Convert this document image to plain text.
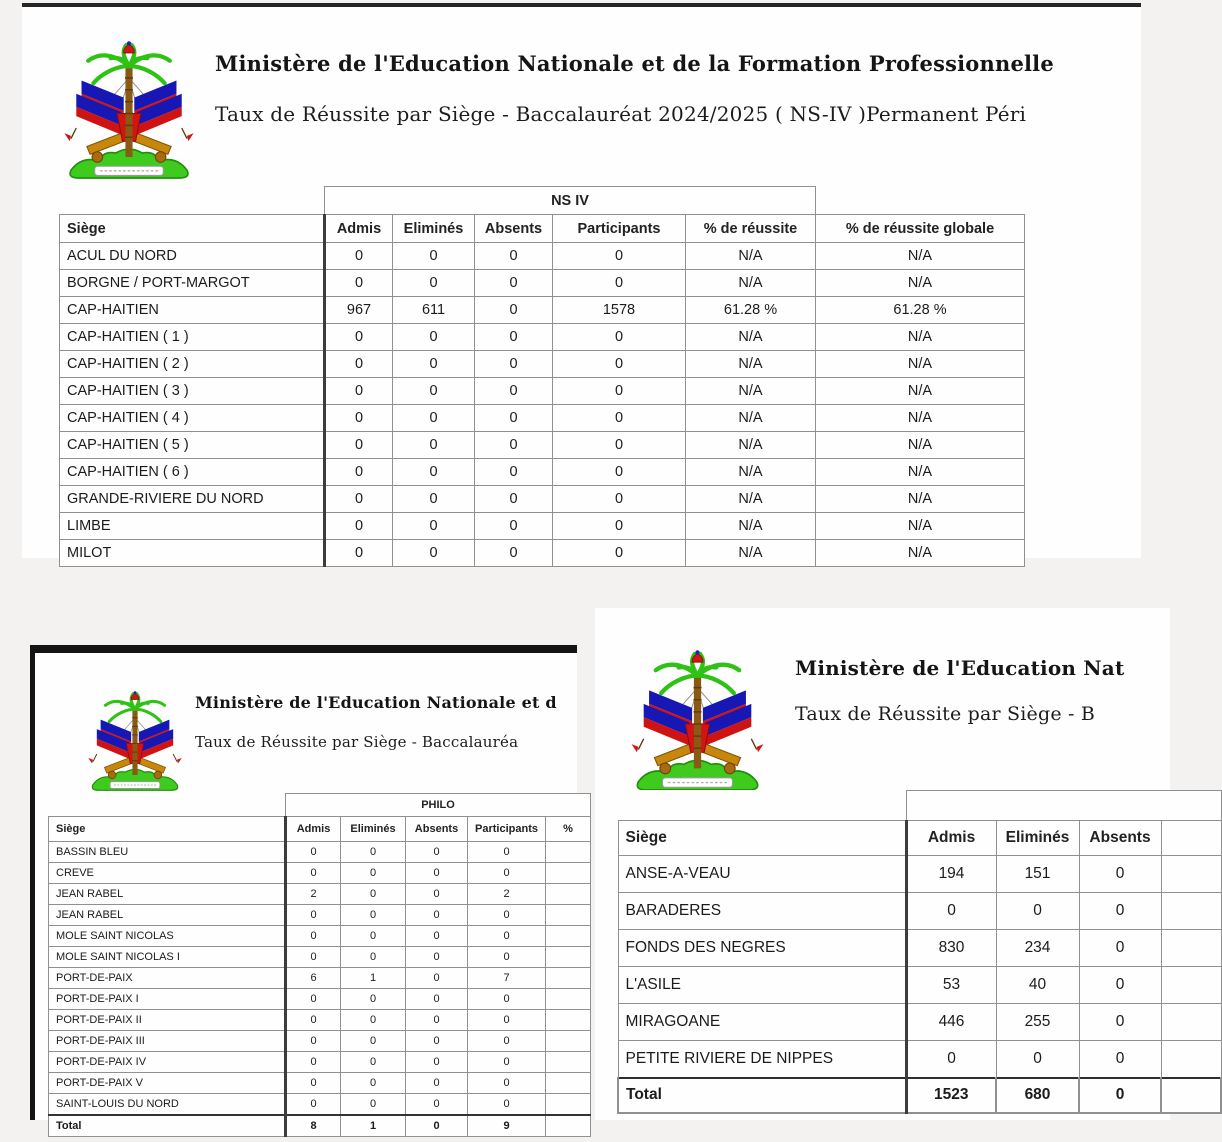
Ministère de l'Education Nationale et de la Formation Professionnelle
Taux de Réussite par Siège - Baccalauréat 2024/2025 ( NS-IV )Permanent Péri
	NS IV					
Siège	Admis	Eliminés	Absents	Participants	% de réussite	% de réussite globale
ACUL DU NORD	0	0	0	0	N/A	N/A
BORGNE / PORT-MARGOT	0	0	0	0	N/A	N/A
CAP-HAITIEN	967	611	0	1578	61.28 %	61.28 %
CAP-HAITIEN ( 1 )	0	0	0	0	N/A	N/A
CAP-HAITIEN ( 2 )	0	0	0	0	N/A	N/A
CAP-HAITIEN ( 3 )	0	0	0	0	N/A	N/A
CAP-HAITIEN ( 4 )	0	0	0	0	N/A	N/A
CAP-HAITIEN ( 5 )	0	0	0	0	N/A	N/A
CAP-HAITIEN ( 6 )	0	0	0	0	N/A	N/A
GRANDE-RIVIERE DU NORD	0	0	0	0	N/A	N/A
LIMBE	0	0	0	0	N/A	N/A
MILOT	0	0	0	0	N/A	N/A
Ministère de l'Education Nationale et d
Taux de Réussite par Siège - Baccalauréa
	PHILO				
Siège	Admis	Eliminés	Absents	Participants	%
BASSIN BLEU	0	0	0	0	
CREVE	0	0	0	0	
JEAN RABEL	2	0	0	2	
JEAN RABEL	0	0	0	0	
MOLE SAINT NICOLAS	0	0	0	0	
MOLE SAINT NICOLAS I	0	0	0	0	
PORT-DE-PAIX	6	1	0	7	
PORT-DE-PAIX I	0	0	0	0	
PORT-DE-PAIX II	0	0	0	0	
PORT-DE-PAIX III	0	0	0	0	
PORT-DE-PAIX IV	0	0	0	0	
PORT-DE-PAIX V	0	0	0	0	
SAINT-LOUIS DU NORD	0	0	0	0	
Total	8	1	0	9	
Ministère de l'Education Nat
Taux de Réussite par Siège - B

Siège	Admis	Eliminés	Absents	
ANSE-A-VEAU	194	151	0	
BARADERES	0	0	0	
FONDS DES NEGRES	830	234	0	
L'ASILE	53	40	0	
MIRAGOANE	446	255	0	
PETITE RIVIERE DE NIPPES	0	0	0	
Total	1523	680	0	
